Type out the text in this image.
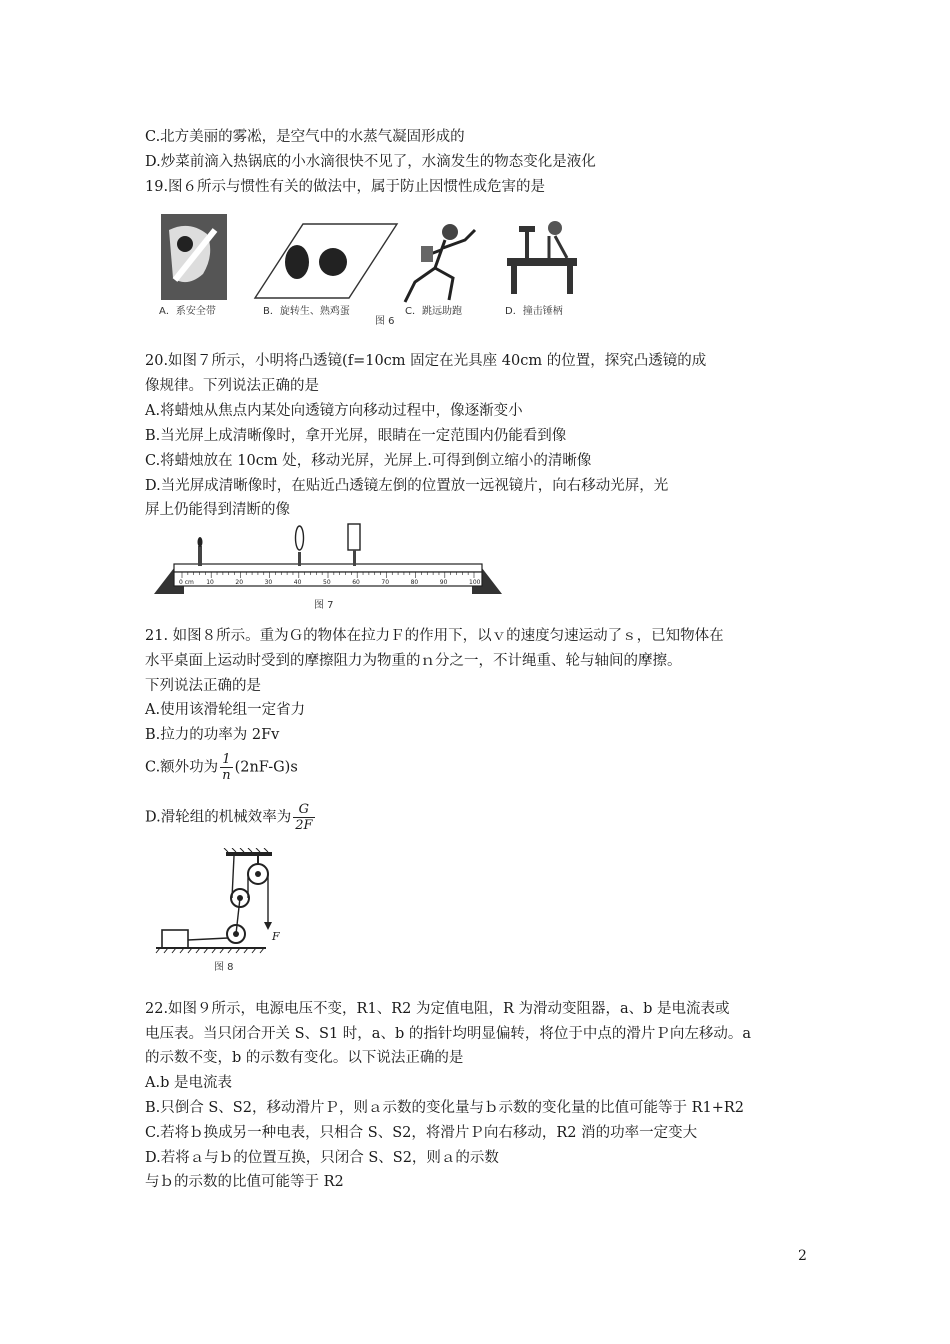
C.北方美丽的雾凇，是空气中的水蒸气凝固形成的
D.炒菜前滴入热锅底的小水滴很快不见了，水滴发生的物态变化是液化
19.图６所示与惯性有关的做法中，属于防止因惯性成危害的是
A．系安全带	B．旋转生、熟鸡蛋	C．跳远助跑	D．撞击锤柄
图 6
20.如图７所示，小明将凸透镜(f=10cm 固定在光具座 40cm 的位置，探究凸透镜的成
像规律。下列说法正确的是
A.将蜡烛从焦点内某处向透镜方向移动过程中，像逐渐变小
B.当光屏上成清晰像时，拿开光屏，眼睛在一定范围内仍能看到像
C.将蜡烛放在 10cm 处，移动光屏，光屏上.可得到倒立缩小的清晰像
D.当光屏成清晰像时，在贴近凸透镜左倒的位置放一远视镜片，向右移动光屏，光
屏上仍能得到清断的像
0 cm 10	20	30	40	50	60	70	80	90	100
图 7
21. 如图８所示。重为Ｇ的物体在拉力Ｆ的作用下，以ｖ的速度匀速运动了ｓ，已知物体在
水平桌面上运动时受到的摩擦阻力为物重的ｎ分之一，不计绳重、轮与轴间的摩擦。
下列说法正确的是
A.使用该滑轮组一定省力
B.拉力的功率为 2Fv
C.额外功为 $\frac{1}{n} (2nF-G)s$
D.滑轮组的机械效率为 $\frac{G}{2F}$
F
图 8
22.如图９所示，电源电压不变，R1、R2 为定值电阻，R 为滑动变阻器，a、b 是电流表或
电压表。当只闭合开关 S、S1 时，a、b 的指针均明显偏转，将位于中点的滑片Ｐ向左移动。a
的示数不变，b 的示数有变化。以下说法正确的是
A.b 是电流表
B.只倒合 S、S2，移动滑片Ｐ，则ａ示数的变化量与ｂ示数的变化量的比值可能等于 R1+R2
C.若将ｂ换成另一种电表，只相合 S、S2，将滑片Ｐ向右移动，R2 消的功率一定变大
D.若将ａ与ｂ的位置互换，只闭合 S、S2，则ａ的示数
与ｂ的示数的比值可能等于 R2
2
